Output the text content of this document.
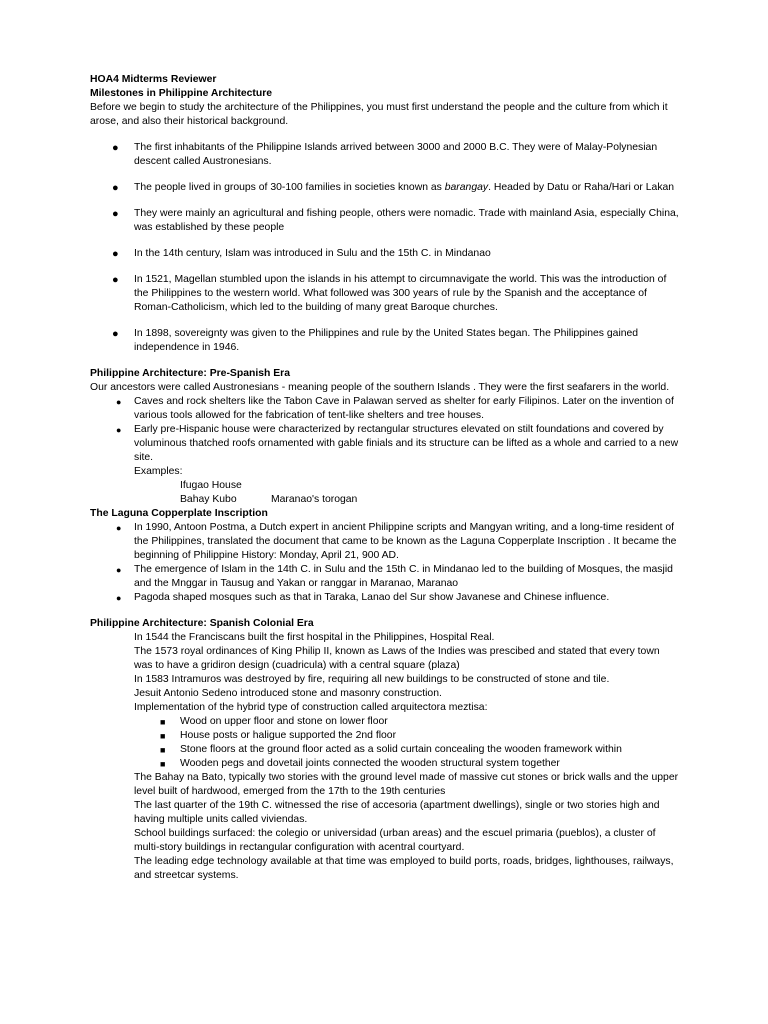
HOA4 Midterms Reviewer

Milestones in Philippine Architecture

Before we begin to study the architecture of the Philippines, you must first understand the people and the culture from which it arose, and also their historical background.

● The first inhabitants of the Philippine Islands arrived between 3000 and 2000 B.C. They were of Malay-Polynesian descent called Austronesians.
● The people lived in groups of 30-100 families in societies known as barangay. Headed by Datu or Raha/Hari or Lakan
● They were mainly an agricultural and fishing people, others were nomadic. Trade with mainland Asia, especially China, was established by these people
● In the 14th century, Islam was introduced in Sulu and the 15th C. in Mindanao
● In 1521, Magellan stumbled upon the islands in his attempt to circumnavigate the world. This was the introduction of the Philippines to the western world. What followed was 300 years of rule by the Spanish and the acceptance of Roman-Catholicism, which led to the building of many great Baroque churches.
● In 1898, sovereignty was given to the Philippines and rule by the United States began. The Philippines gained independence in 1946.

Philippine Architecture: Pre-Spanish Era

Our ancestors were called Austronesians - meaning people of the southern Islands . They were the first seafarers in the world.

● Caves and rock shelters like the Tabon Cave in Palawan served as shelter for early Filipinos. Later on the invention of various tools allowed for the fabrication of tent-like shelters and tree houses.
● Early pre-Hispanic house were characterized by rectangular structures elevated on stilt foundations and covered by voluminous thatched roofs ornamented with gable finials and its structure can be lifted as a whole and carried to a new site.

Examples:

Ifugao House

Bahay Kubo	Maranao's torogan

The Laguna Copperplate Inscription

● In 1990, Antoon Postma, a Dutch expert in ancient Philippine scripts and Mangyan writing, and a long-time resident of the Philippines, translated the document that came to be known as the Laguna Copperplate Inscription . It became the beginning of Philippine History: Monday, April 21, 900 AD.
● The emergence of Islam in the 14th C. in Sulu and the 15th C. in Mindanao led to the building of Mosques, the masjid and the Mnggar in Tausug and Yakan or ranggar in Maranao, Maranao
● Pagoda shaped mosques such as that in Taraka, Lanao del Sur show Javanese and Chinese influence.

Philippine Architecture: Spanish Colonial Era

In 1544 the Franciscans built the first hospital in the Philippines, Hospital Real.
The 1573 royal ordinances of King Philip II, known as Laws of the Indies was prescibed and stated that every town was to have a gridiron design (cuadricula) with a central square (plaza)
In 1583 Intramuros was destroyed by fire, requiring all new buildings to be constructed of stone and tile.
Jesuit Antonio Sedeno introduced stone and masonry construction.
Implementation of the hybrid type of construction called arquitectora meztisa:
■ Wood on upper floor and stone on lower floor
■ House posts or haligue supported the 2nd floor
■ Stone floors at the ground floor acted as a solid curtain concealing the wooden framework within
■ Wooden pegs and dovetail joints connected the wooden structural system together
The Bahay na Bato, typically two stories with the ground level made of massive cut stones or brick walls and the upper level built of hardwood, emerged from the 17th to the 19th centuries
The last quarter of the 19th C. witnessed the rise of accesoria (apartment dwellings), single or two stories high and having multiple units called viviendas.
School buildings surfaced: the colegio or universidad (urban areas) and the escuel primaria (pueblos), a cluster of multi-story buildings in rectangular configuration with acentral courtyard.
The leading edge technology available at that time was employed to build ports, roads, bridges, lighthouses, railways, and streetcar systems.
